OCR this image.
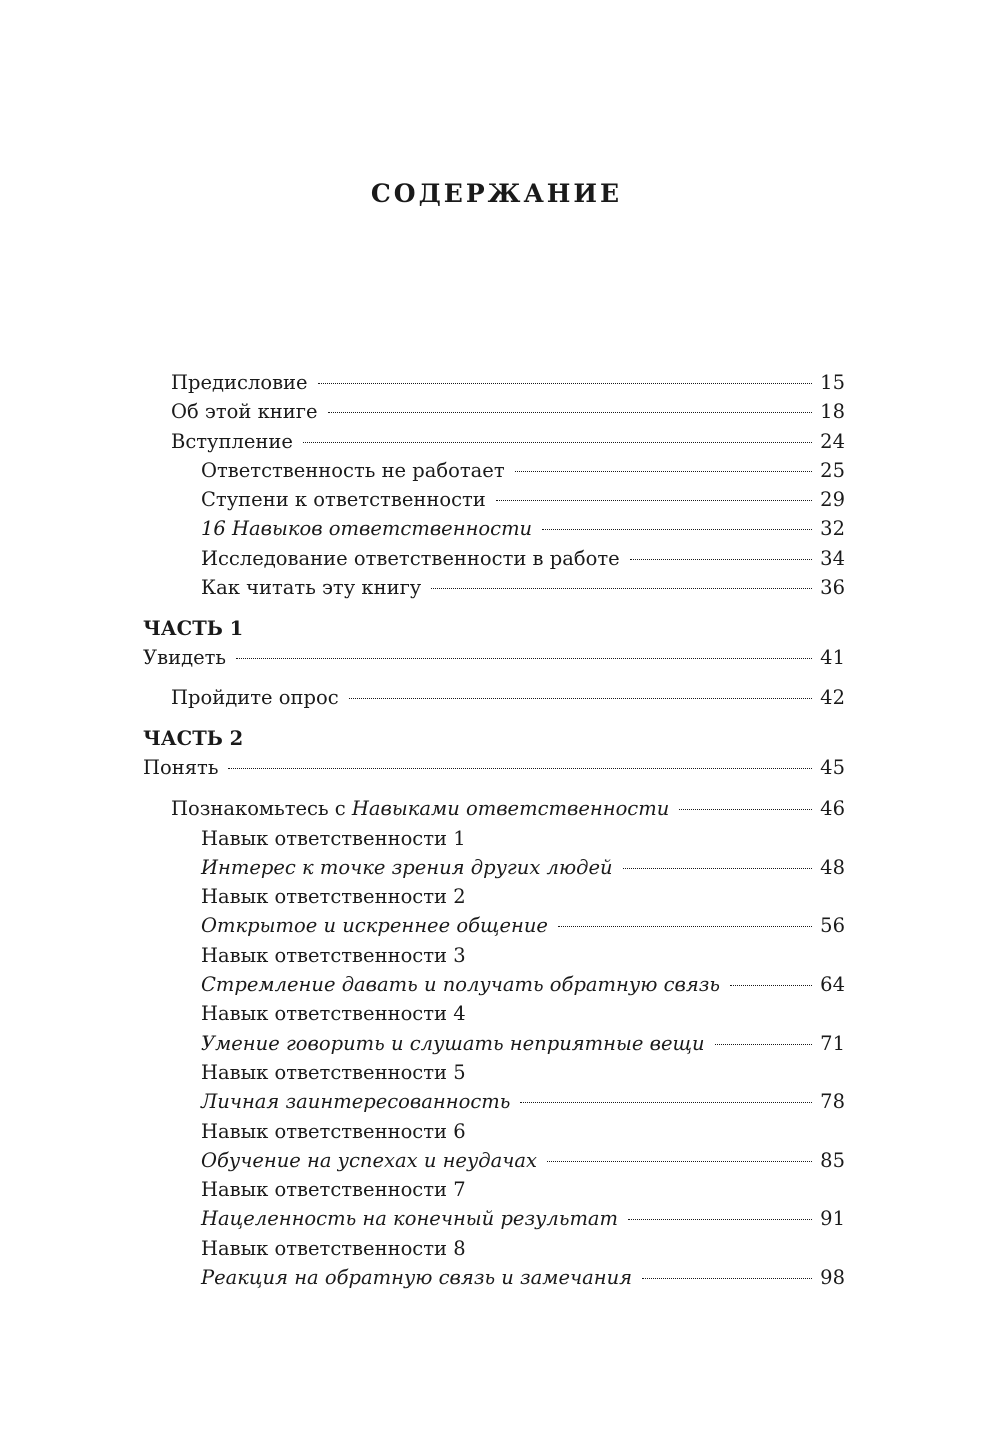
СОДЕРЖАНИЕ
Предисловие	15
Об этой книге	18
Вступление	24
Ответственность не работает	25
Ступени к ответственности	29
16 Навыков ответственности	32
Исследование ответственности в работе	34
Как читать эту книгу	36
ЧАСТЬ 1
Увидеть	41
Пройдите опрос	42
ЧАСТЬ 2
Понять	45
Познакомьтесь с Навыками ответственности	46
Навык ответственности 1
Интерес к точке зрения других людей	48
Навык ответственности 2
Открытое и искреннее общение	56
Навык ответственности 3
Стремление давать и получать обратную связь	64
Навык ответственности 4
Умение говорить и слушать неприятные вещи	71
Навык ответственности 5
Личная заинтересованность	78
Навык ответственности 6
Обучение на успехах и неудачах	85
Навык ответственности 7
Нацеленность на конечный результат	91
Навык ответственности 8
Реакция на обратную связь и замечания	98
